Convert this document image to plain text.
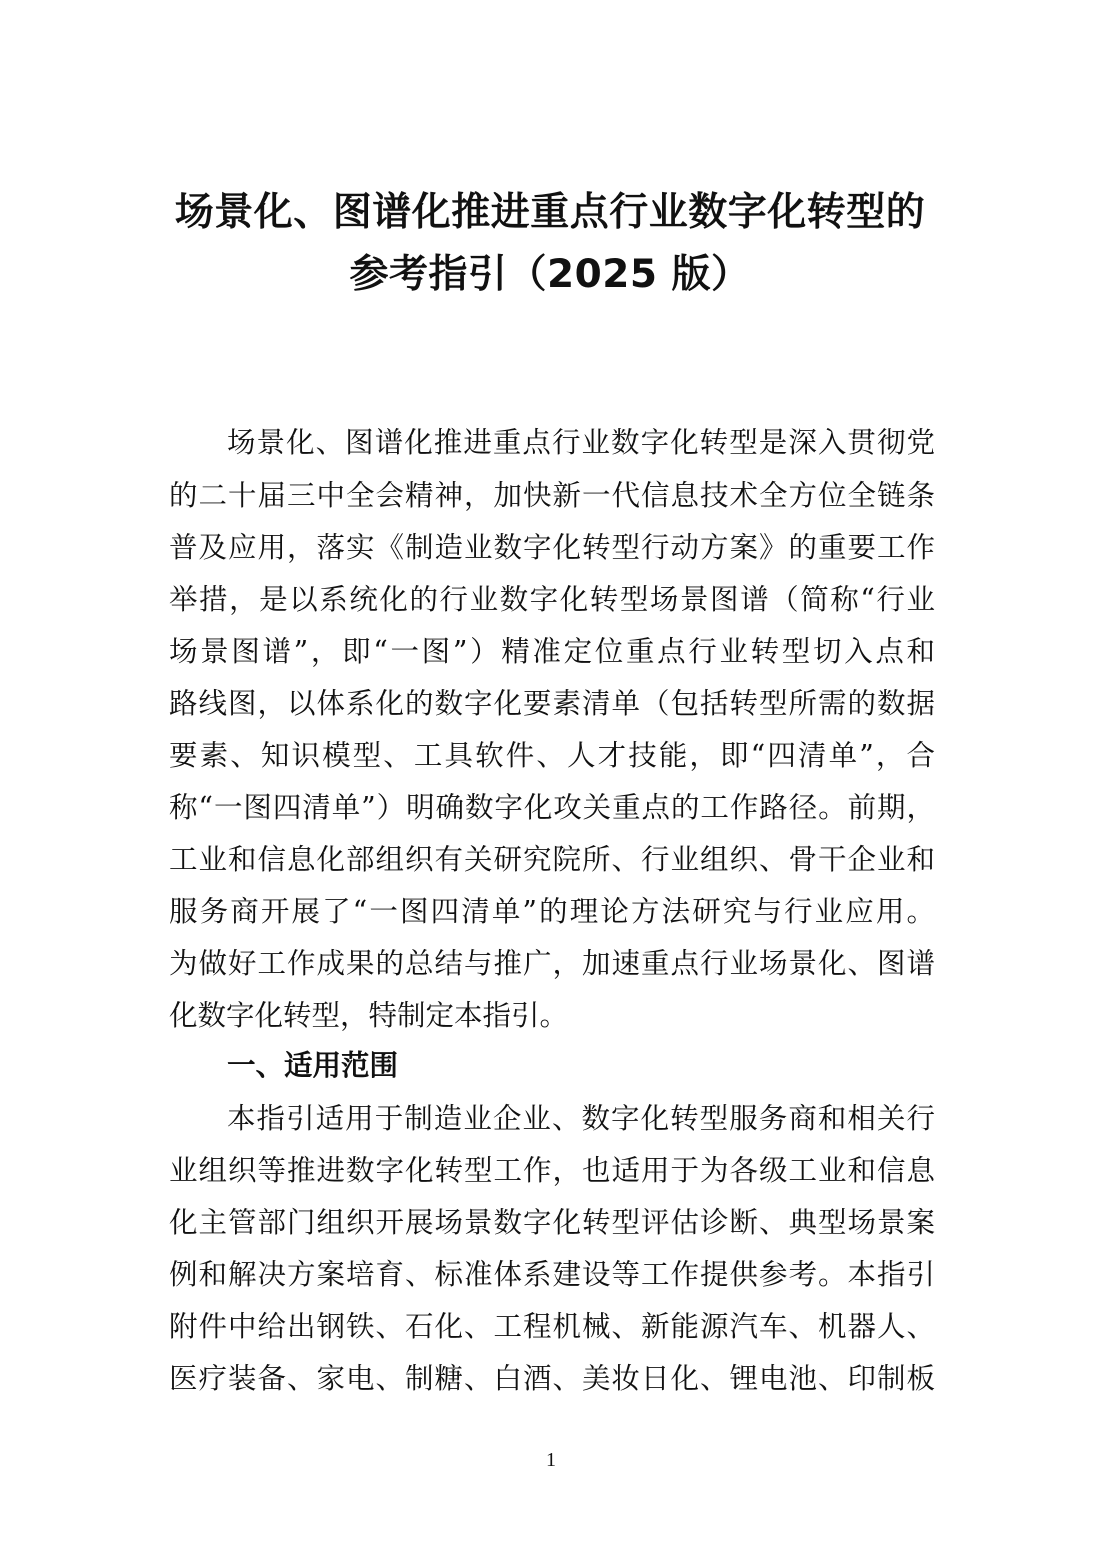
场景化、图谱化推进重点行业数字化转型的
参考指引（2025 版）

场景化、图谱化推进重点行业数字化转型是深入贯彻党

的二十届三中全会精神，加快新一代信息技术全方位全链条

普及应用，落实《制造业数字化转型行动方案》的重要工作

举措，是以系统化的行业数字化转型场景图谱（简称“行业

场景图谱”，即“一图”）精准定位重点行业转型切入点和

路线图，以体系化的数字化要素清单（包括转型所需的数据

要素、知识模型、工具软件、人才技能，即“四清单”，合

称“一图四清单”）明确数字化攻关重点的工作路径。前期，

工业和信息化部组织有关研究院所、行业组织、骨干企业和

服务商开展了“一图四清单”的理论方法研究与行业应用。

为做好工作成果的总结与推广，加速重点行业场景化、图谱

化数字化转型，特制定本指引。

一、适用范围

本指引适用于制造业企业、数字化转型服务商和相关行

业组织等推进数字化转型工作，也适用于为各级工业和信息

化主管部门组织开展场景数字化转型评估诊断、典型场景案

例和解决方案培育、标准体系建设等工作提供参考。本指引

附件中给出钢铁、石化、工程机械、新能源汽车、机器人、

医疗装备、家电、制糖、白酒、美妆日化、锂电池、印制板

1
